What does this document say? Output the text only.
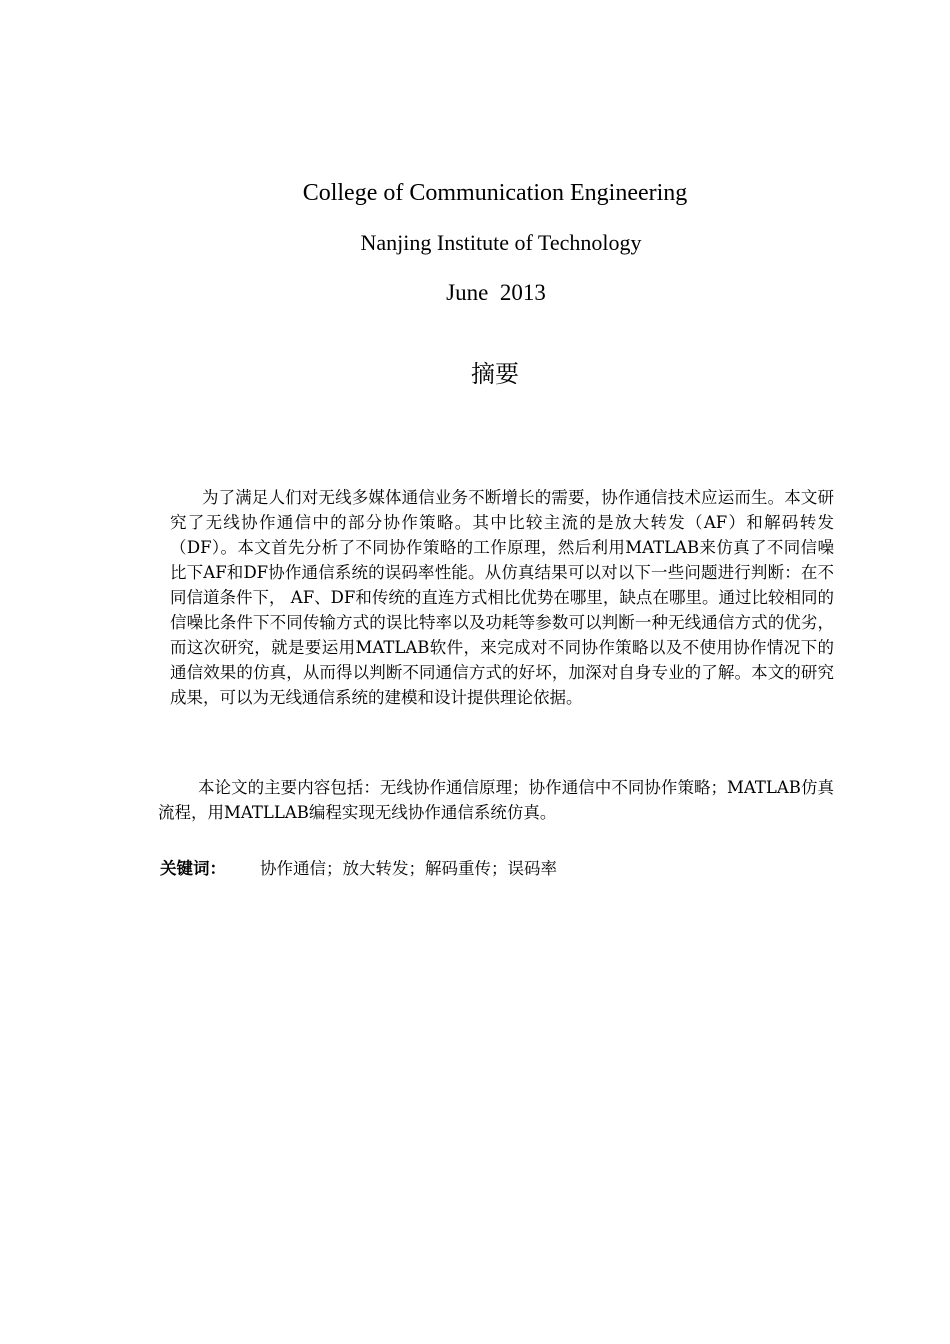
College of Communication Engineering
Nanjing Institute of Technology
June  2013
摘要

为了满足人们对无线多媒体通信业务不断增长的需要，协作通信技术应运而生。本文研究了无线协作通信中的部分协作策略。其中比较主流的是放大转发（AF）和解码转发（DF）。本文首先分析了不同协作策略的工作原理，然后利用MATLAB来仿真了不同信噪比下AF和DF协作通信系统的误码率性能。从仿真结果可以对以下一些问题进行判断：在不同信道条件下， AF、DF和传统的直连方式相比优势在哪里，缺点在哪里。通过比较相同的信噪比条件下不同传输方式的误比特率以及功耗等参数可以判断一种无线通信方式的优劣，而这次研究，就是要运用MATLAB软件，来完成对不同协作策略以及不使用协作情况下的通信效果的仿真，从而得以判断不同通信方式的好坏，加深对自身专业的了解。本文的研究成果，可以为无线通信系统的建模和设计提供理论依据。

本论文的主要内容包括：无线协作通信原理；协作通信中不同协作策略；MATLAB仿真流程，用MATLLAB编程实现无线协作通信系统仿真。

关键词： 协作通信；放大转发；解码重传；误码率
